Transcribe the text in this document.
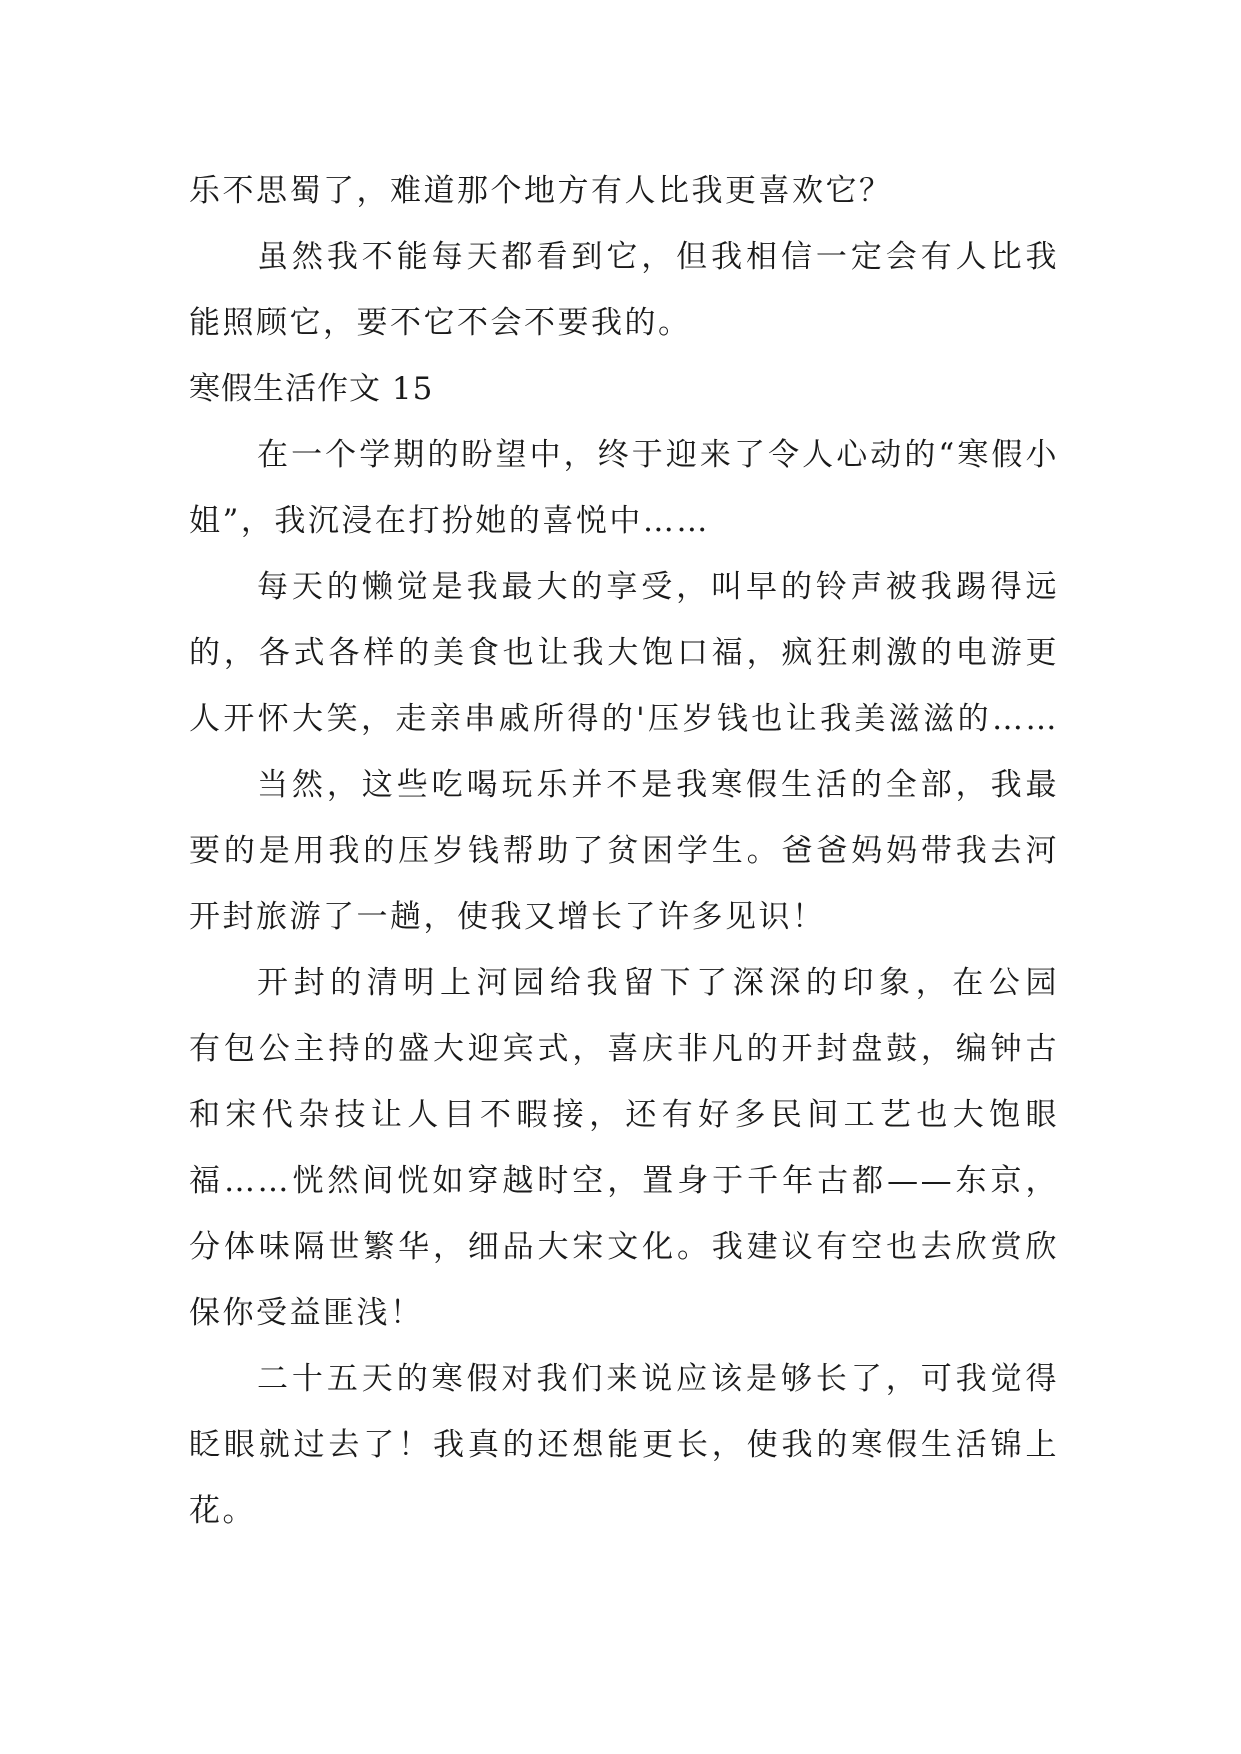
乐不思蜀了，难道那个地方有人比我更喜欢它？
虽然我不能每天都看到它，但我相信一定会有人比我
能照顾它，要不它不会不要我的。
寒假生活作文 15
在一个学期的盼望中，终于迎来了令人心动的“寒假小
姐”，我沉浸在打扮她的喜悦中……
每天的懒觉是我最大的享受，叫早的铃声被我踢得远
的，各式各样的美食也让我大饱口福，疯狂刺激的电游更
人开怀大笑，走亲串戚所得的'压岁钱也让我美滋滋的……
当然，这些吃喝玩乐并不是我寒假生活的全部，我最
要的是用我的压岁钱帮助了贫困学生。爸爸妈妈带我去河
开封旅游了一趟，使我又增长了许多见识！
开封的清明上河园给我留下了深深的印象，在公园
有包公主持的盛大迎宾式，喜庆非凡的开封盘鼓，编钟古
和宋代杂技让人目不暇接，还有好多民间工艺也大饱眼
福……恍然间恍如穿越时空，置身于千年古都——东京，
分体味隔世繁华，细品大宋文化。我建议有空也去欣赏欣
保你受益匪浅！
二十五天的寒假对我们来说应该是够长了，可我觉得
眨眼就过去了！我真的还想能更长，使我的寒假生活锦上
花。
